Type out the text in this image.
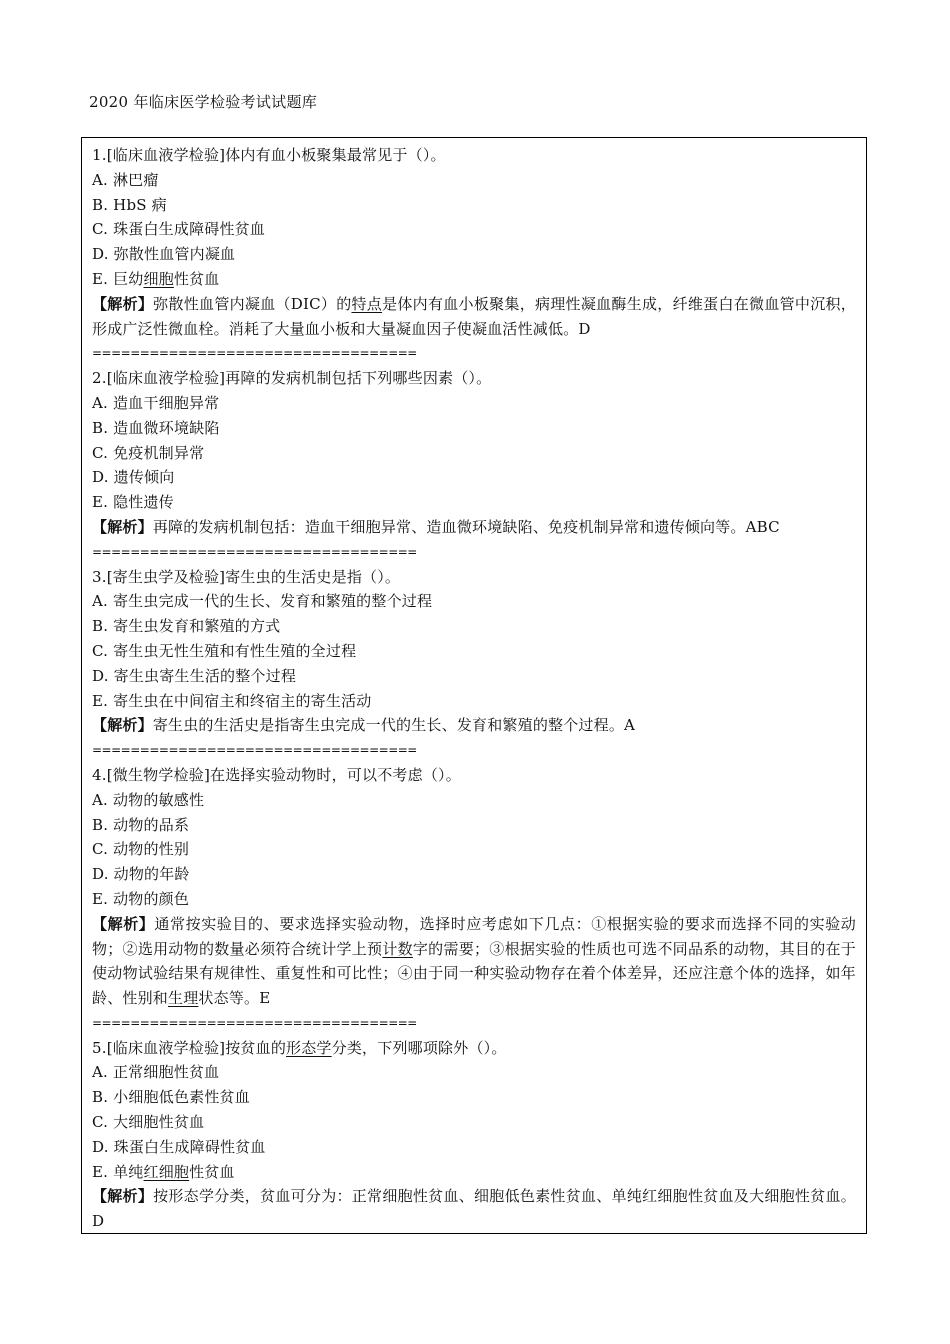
2020 年临床医学检验考试试题库
1.[临床血液学检验]体内有血小板聚集最常见于（）。
A. 淋巴瘤
B. HbS 病
C. 珠蛋白生成障碍性贫血
D. 弥散性血管内凝血
E. 巨幼细胞性贫血
【解析】弥散性血管内凝血（DIC）的特点是体内有血小板聚集，病理性凝血酶生成，纤维蛋白在微血管中沉积，形成广泛性微血栓。消耗了大量血小板和大量凝血因子使凝血活性减低。D
==================================
2.[临床血液学检验]再障的发病机制包括下列哪些因素（）。
A. 造血干细胞异常
B. 造血微环境缺陷
C. 免疫机制异常
D. 遗传倾向
E. 隐性遗传
【解析】再障的发病机制包括：造血干细胞异常、造血微环境缺陷、免疫机制异常和遗传倾向等。ABC
==================================
3.[寄生虫学及检验]寄生虫的生活史是指（）。
A. 寄生虫完成一代的生长、发育和繁殖的整个过程
B. 寄生虫发育和繁殖的方式
C. 寄生虫无性生殖和有性生殖的全过程
D. 寄生虫寄生生活的整个过程
E. 寄生虫在中间宿主和终宿主的寄生活动
【解析】寄生虫的生活史是指寄生虫完成一代的生长、发育和繁殖的整个过程。A
==================================
4.[微生物学检验]在选择实验动物时，可以不考虑（）。
A. 动物的敏感性
B. 动物的品系
C. 动物的性别
D. 动物的年龄
E. 动物的颜色
【解析】通常按实验目的、要求选择实验动物，选择时应考虑如下几点：①根据实验的要求而选择不同的实验动物；②选用动物的数量必须符合统计学上预计数字的需要；③根据实验的性质也可选不同品系的动物，其目的在于使动物试验结果有规律性、重复性和可比性；④由于同一种实验动物存在着个体差异，还应注意个体的选择，如年龄、性别和生理状态等。E
==================================
5.[临床血液学检验]按贫血的形态学分类，下列哪项除外（）。
A. 正常细胞性贫血
B. 小细胞低色素性贫血
C. 大细胞性贫血
D. 珠蛋白生成障碍性贫血
E. 单纯红细胞性贫血
【解析】按形态学分类，贫血可分为：正常细胞性贫血、细胞低色素性贫血、单纯红细胞性贫血及大细胞性贫血。D
